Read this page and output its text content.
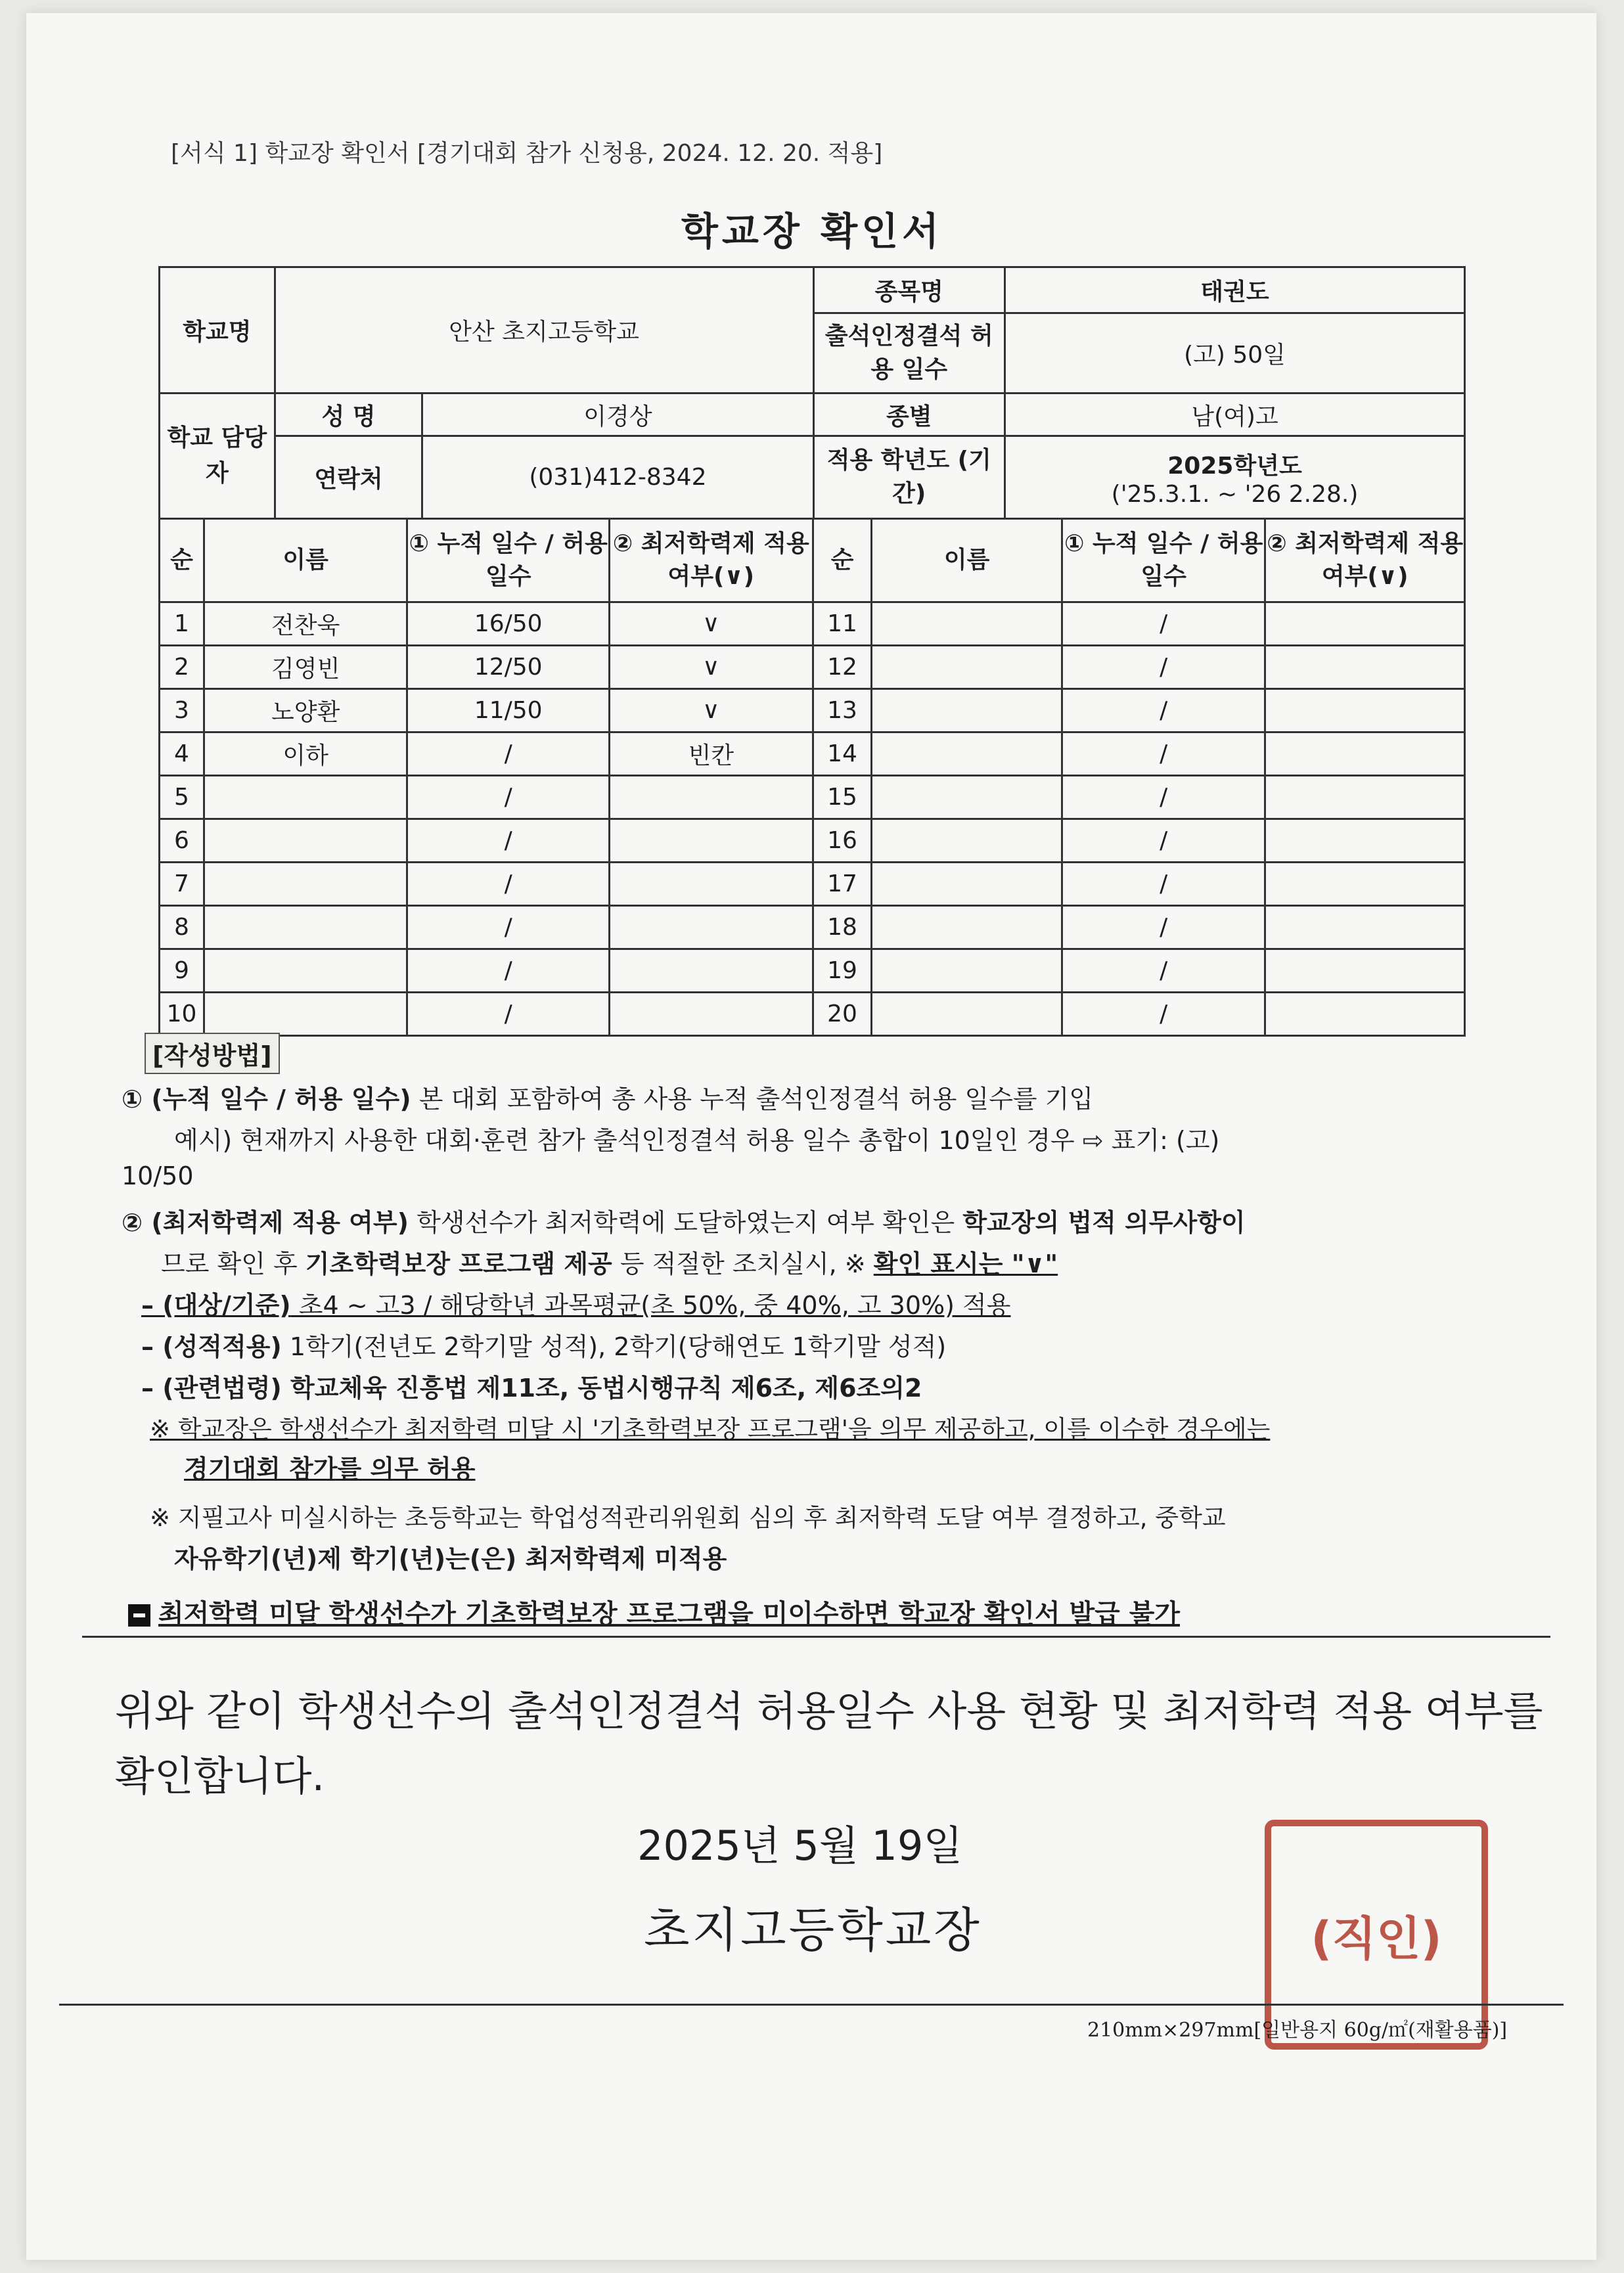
[서식 1] 학교장 확인서 [경기대회 참가 신청용, 2024. 12. 20. 적용]
학교장 확인서
학교명	안산 초지고등학교		종목명	태권도
			출석인정결석 허용 일수	(고) 50일
학교 담당자	성 명	이경상	종별	남(여)고
	연락처	(031)412-8342	적용 학년도 (기간)	2025학년도
('25.3.1. ~ '26 2.28.)
순	이름	① 누적 일수 / 허용 일수	② 최저학력제 적용 여부(∨)	순	이름	① 누적 일수 / 허용 일수	② 최저학력제 적용 여부(∨)
1	전찬욱	16/50	∨	11		/	
2	김영빈	12/50	∨	12		/	
3	노양환	11/50	∨	13		/	
4	이하	/	빈칸	14		/	
5		/		15		/	
6		/		16		/	
7		/		17		/	
8		/		18		/	
9		/		19		/	
10		/		20		/	
[작성방법]
① (누적 일수 / 허용 일수) 본 대회 포함하여 총 사용 누적 출석인정결석 허용 일수를 기입
예시) 현재까지 사용한 대회·훈련 참가 출석인정결석 허용 일수 총합이 10일인 경우 ⇨ 표기: (고)
10/50
② (최저학력제 적용 여부) 학생선수가 최저학력에 도달하였는지 여부 확인은 학교장의 법적 의무사항이
므로 확인 후 기초학력보장 프로그램 제공 등 적절한 조치실시, ※ 확인 표시는 "∨"
– (대상/기준) 초4 ~ 고3 / 해당학년 과목평균(초 50%, 중 40%, 고 30%) 적용
– (성적적용) 1학기(전년도 2학기말 성적), 2학기(당해연도 1학기말 성적)
– (관련법령) 학교체육 진흥법 제11조, 동법시행규칙 제6조, 제6조의2
※ 학교장은 학생선수가 최저학력 미달 시 '기초학력보장 프로그램'을 의무 제공하고, 이를 이수한 경우에는
경기대회 참가를 의무 허용
※ 지필고사 미실시하는 초등학교는 학업성적관리위원회 심의 후 최저학력 도달 여부 결정하고, 중학교
자유학기(년)제 학기(년)는(은) 최저학력제 미적용
최저학력 미달 학생선수가 기초학력보장 프로그램을 미이수하면 학교장 확인서 발급 불가
위와 같이 학생선수의 출석인정결석 허용일수 사용 현황 및 최저학력 적용 여부를 확인합니다.
2025년 5월 19일
초지고등학교장	(직인)
210mm×297mm[일반용지 60g/㎡(재활용품)]
